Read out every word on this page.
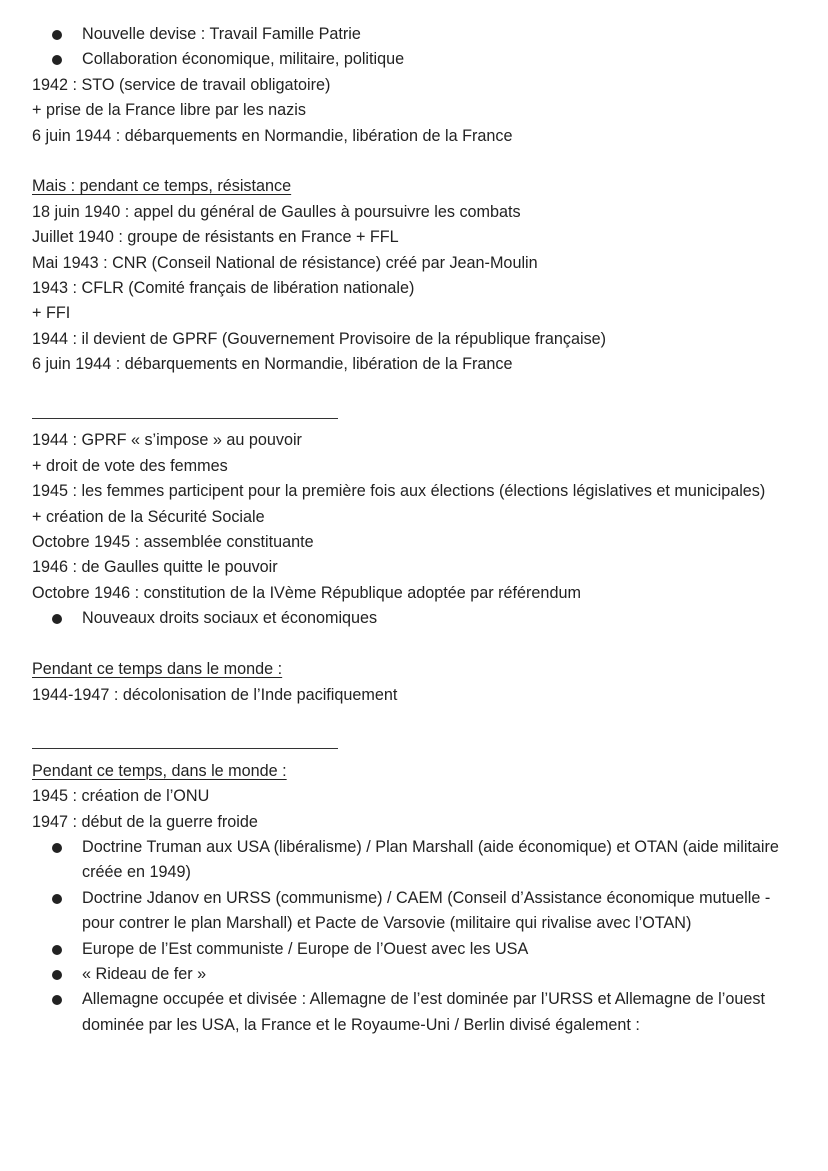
Nouvelle devise : Travail Famille Patrie
Collaboration économique, militaire, politique
1942 : STO (service de travail obligatoire)
+ prise de la France libre par les nazis
6 juin 1944 : débarquements en Normandie, libération de la France
Mais : pendant ce temps, résistance
18 juin 1940 : appel du général de Gaulles à poursuivre les combats
Juillet 1940 : groupe de résistants en France + FFL
Mai 1943 : CNR (Conseil National de résistance) créé par Jean-Moulin
1943 : CFLR (Comité français de libération nationale)
+ FFI
1944 : il devient de GPRF (Gouvernement Provisoire de la république française)
6 juin 1944 : débarquements en Normandie, libération de la France
1944 : GPRF « s’impose » au pouvoir
+ droit de vote des femmes
1945 : les femmes participent pour la première fois aux élections (élections législatives et municipales)
+ création de la Sécurité Sociale
Octobre 1945 : assemblée constituante
1946 : de Gaulles quitte le pouvoir
Octobre 1946 : constitution de la IVème République adoptée par référendum
Nouveaux droits sociaux et économiques
Pendant ce temps dans le monde :
1944-1947 : décolonisation de l’Inde pacifiquement
Pendant ce temps, dans le monde :
1945 : création de l’ONU
1947 : début de la guerre froide
Doctrine Truman aux USA (libéralisme) / Plan Marshall (aide économique) et OTAN (aide militaire créée en 1949)
Doctrine Jdanov en URSS (communisme) / CAEM (Conseil d’Assistance économique mutuelle - pour contrer le plan Marshall) et Pacte de Varsovie (militaire qui rivalise avec l’OTAN)
Europe de l’Est communiste / Europe de l’Ouest avec les USA
« Rideau de fer »
Allemagne occupée et divisée : Allemagne de l’est dominée par l’URSS et Allemagne de l’ouest dominée par les USA, la France et le Royaume-Uni / Berlin divisé également :
